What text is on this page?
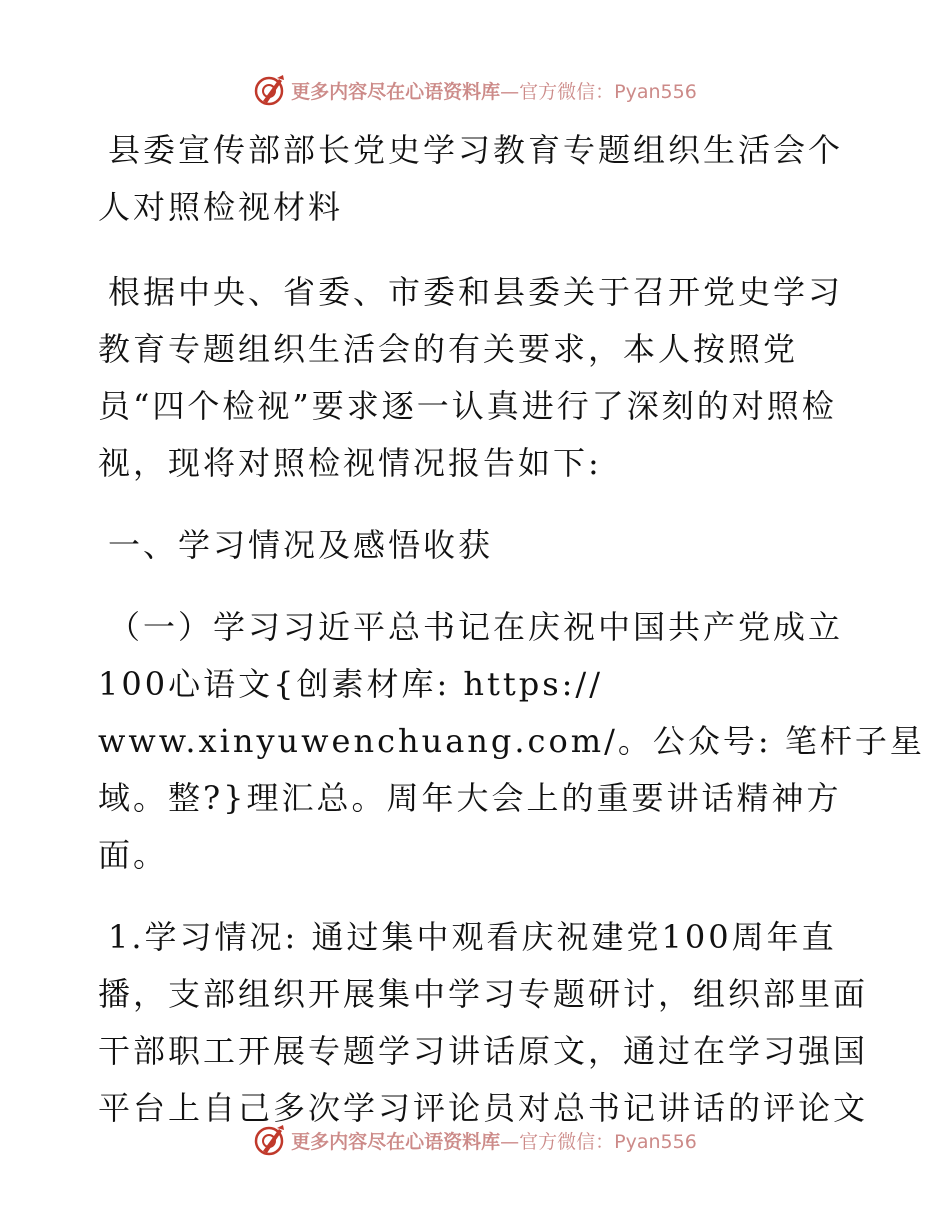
更多内容尽在心语资料库—官方微信：Pyan556

县委宣传部部长党史学习教育专题组织生活会个
人对照检视材料

根据中央、省委、市委和县委关于召开党史学习
教育专题组织生活会的有关要求，本人按照党
员“四个检视”要求逐一认真进行了深刻的对照检
视，现将对照检视情况报告如下:

一、学习情况及感悟收获

（一）学习习近平总书记在庆祝中国共产党成立
100心语文{创素材库: https://
www.xinyuwenchuang.com/。公众号: 笔杆子星
域。整?}理汇总。周年大会上的重要讲话精神方
面。

1.学习情况: 通过集中观看庆祝建党100周年直
播，支部组织开展集中学习专题研讨，组织部里面
干部职工开展专题学习讲话原文，通过在学习强国
平台上自己多次学习评论员对总书记讲话的评论文

更多内容尽在心语资料库—官方微信：Pyan556
